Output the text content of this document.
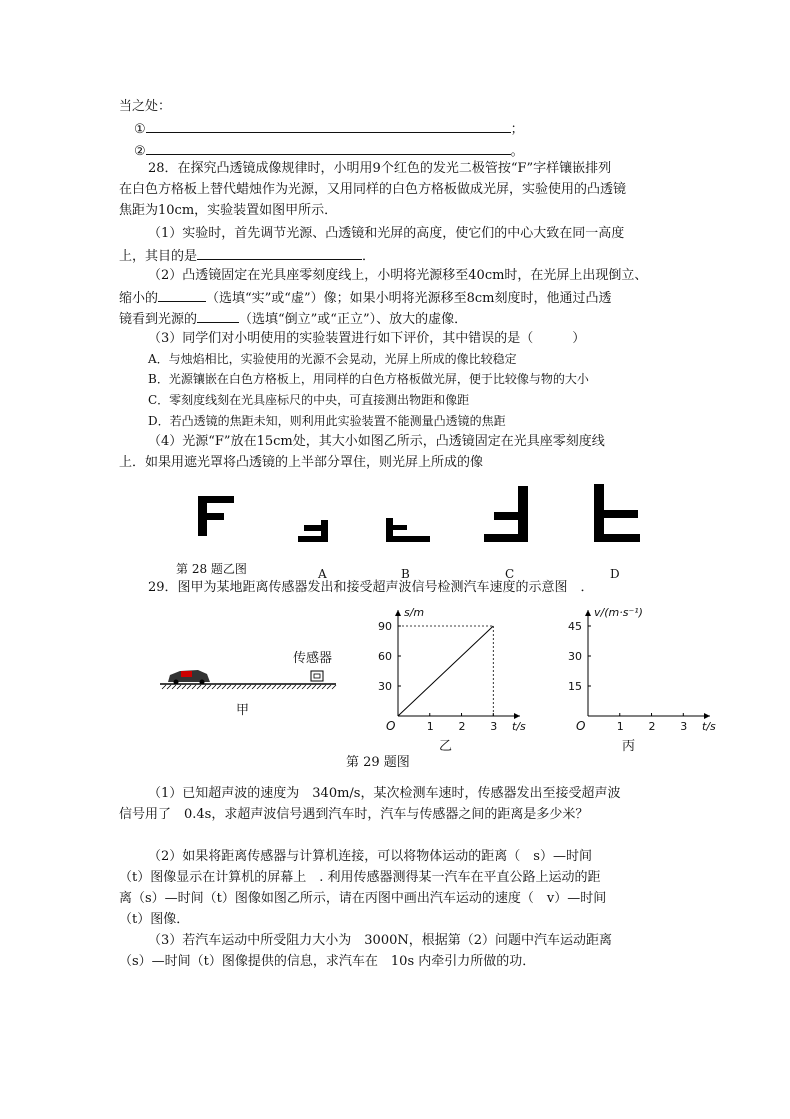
当之处：
①	；
②	。
28．在探究凸透镜成像规律时，小明用9个红色的发光二极管按“F”字样镶嵌排列
在白色方格板上替代蜡烛作为光源，又用同样的白色方格板做成光屏，实验使用的凸透镜
焦距为10cm，实验装置如图甲所示．
（1）实验时，首先调节光源、凸透镜和光屏的高度，使它们的中心大致在同一高度
上，其目的是	．
（2）凸透镜固定在光具座零刻度线上，小明将光源移至40cm时，在光屏上出现倒立、
缩小的	（选填“实”或“虚”）像；如果小明将光源移至8cm刻度时，他通过凸透
镜看到光源的	（选填“倒立”或“正立”）、放大的虚像．
（3）同学们对小明使用的实验装置进行如下评价，其中错误的是（　　　）
A．与烛焰相比，实验使用的光源不会晃动，光屏上所成的像比较稳定
B．光源镶嵌在白色方格板上，用同样的白色方格板做光屏，便于比较像与物的大小
C．零刻度线刻在光具座标尺的中央，可直接测出物距和像距
D．若凸透镜的焦距未知，则利用此实验装置不能测量凸透镜的焦距
（4）光源“F”放在15cm处，其大小如图乙所示，凸透镜固定在光具座零刻度线
上．如果用遮光罩将凸透镜的上半部分罩住，则光屏上所成的像
第 28 题乙图	A	B	C	D
29．图甲为某地距离传感器发出和接受超声波信号检测汽车速度的示意图　．
传感器
甲
O	1 2 3
30
60
90
t/s
s/m
乙
O	1 2 3
15
30
45
t/s
v/(m·s⁻¹)
丙
第 29 题图
（1）已知超声波的速度为　340m/s，某次检测车速时，传感器发出至接受超声波
信号用了　0.4s，求超声波信号遇到汽车时，汽车与传感器之间的距离是多少米？
（2）如果将距离传感器与计算机连接，可以将物体运动的距离（　s）—时间
（t）图像显示在计算机的屏幕上　. 利用传感器测得某一汽车在平直公路上运动的距
离（s）—时间（t）图像如图乙所示，请在丙图中画出汽车运动的速度（　v）—时间
（t）图像．
（3）若汽车运动中所受阻力大小为　3000N，根据第（2）问题中汽车运动距离
（s）—时间（t）图像提供的信息，求汽车在　10s 内牵引力所做的功．
